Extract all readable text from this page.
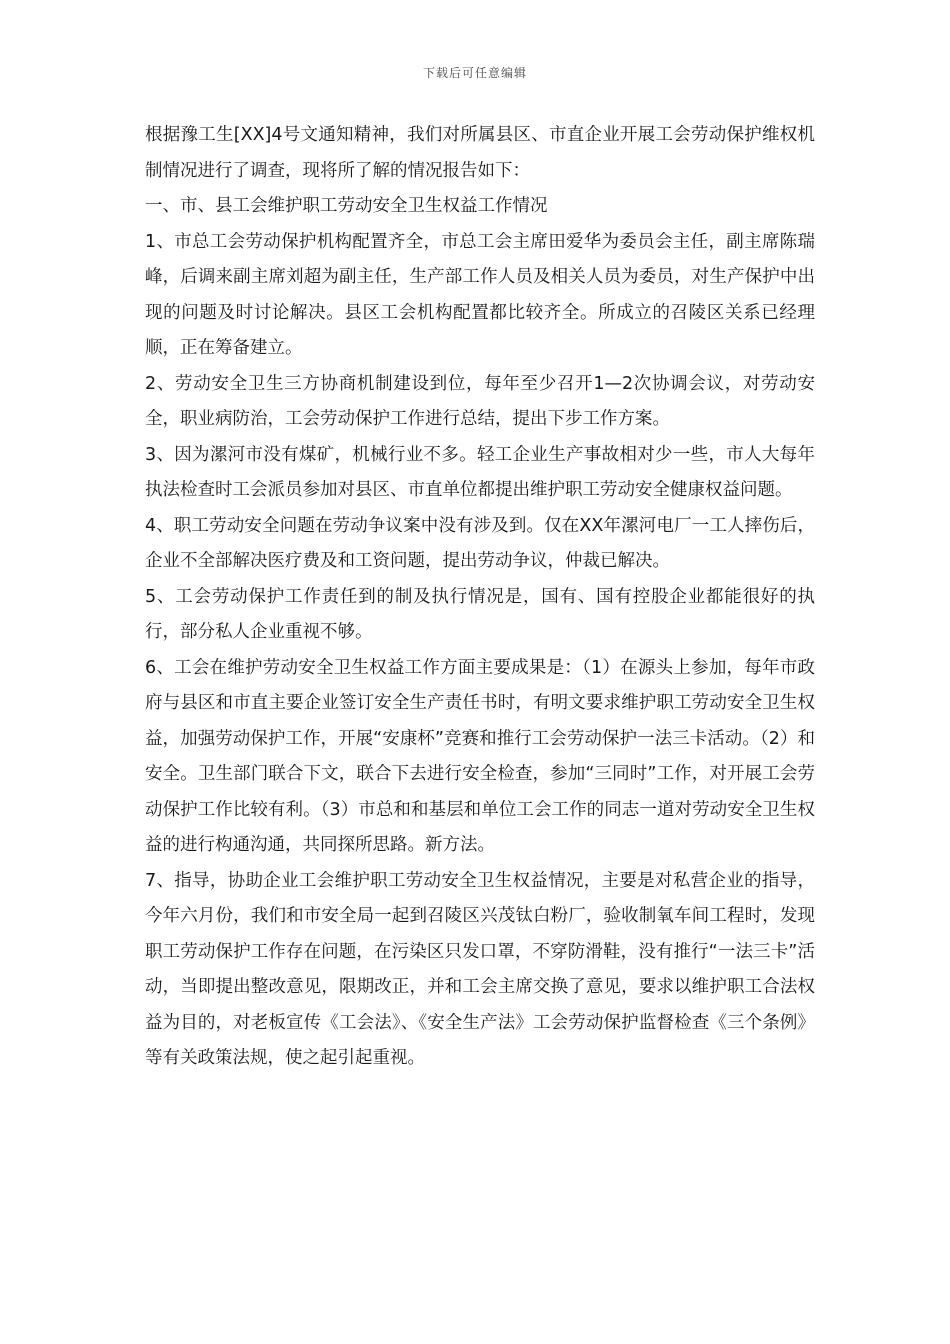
下载后可任意编辑

根据豫工生[XX]4号文通知精神，我们对所属县区、市直企业开展工会劳动保护维权机制情况进行了调查，现将所了解的情况报告如下：

一、市、县工会维护职工劳动安全卫生权益工作情况

1、市总工会劳动保护机构配置齐全，市总工会主席田爱华为委员会主任，副主席陈瑞峰，后调来副主席刘超为副主任，生产部工作人员及相关人员为委员，对生产保护中出现的问题及时讨论解决。县区工会机构配置都比较齐全。所成立的召陵区关系已经理顺，正在筹备建立。

2、劳动安全卫生三方协商机制建设到位，每年至少召开1—2次协调会议，对劳动安全，职业病防治，工会劳动保护工作进行总结，提出下步工作方案。

3、因为漯河市没有煤矿，机械行业不多。轻工企业生产事故相对少一些，市人大每年执法检查时工会派员参加对县区、市直单位都提出维护职工劳动安全健康权益问题。

4、职工劳动安全问题在劳动争议案中没有涉及到。仅在XX年漯河电厂一工人摔伤后，企业不全部解决医疗费及和工资问题，提出劳动争议，仲裁已解决。

5、工会劳动保护工作责任到的制及执行情况是，国有、国有控股企业都能很好的执行，部分私人企业重视不够。

6、工会在维护劳动安全卫生权益工作方面主要成果是：（1）在源头上参加，每年市政府与县区和市直主要企业签订安全生产责任书时，有明文要求维护职工劳动安全卫生权益，加强劳动保护工作，开展“安康杯”竞赛和推行工会劳动保护一法三卡活动。（2）和安全。卫生部门联合下文，联合下去进行安全检查，参加“三同时”工作，对开展工会劳动保护工作比较有利。（3）市总和和基层和单位工会工作的同志一道对劳动安全卫生权益的进行构通沟通，共同探所思路。新方法。

7、指导，协助企业工会维护职工劳动安全卫生权益情况，主要是对私营企业的指导，今年六月份，我们和市安全局一起到召陵区兴茂钛白粉厂，验收制氧车间工程时，发现职工劳动保护工作存在问题，在污染区只发口罩，不穿防滑鞋，没有推行“一法三卡”活动，当即提出整改意见，限期改正，并和工会主席交换了意见，要求以维护职工合法权益为目的，对老板宣传《工会法》、《安全生产法》工会劳动保护监督检查《三个条例》等有关政策法规，使之起引起重视。
